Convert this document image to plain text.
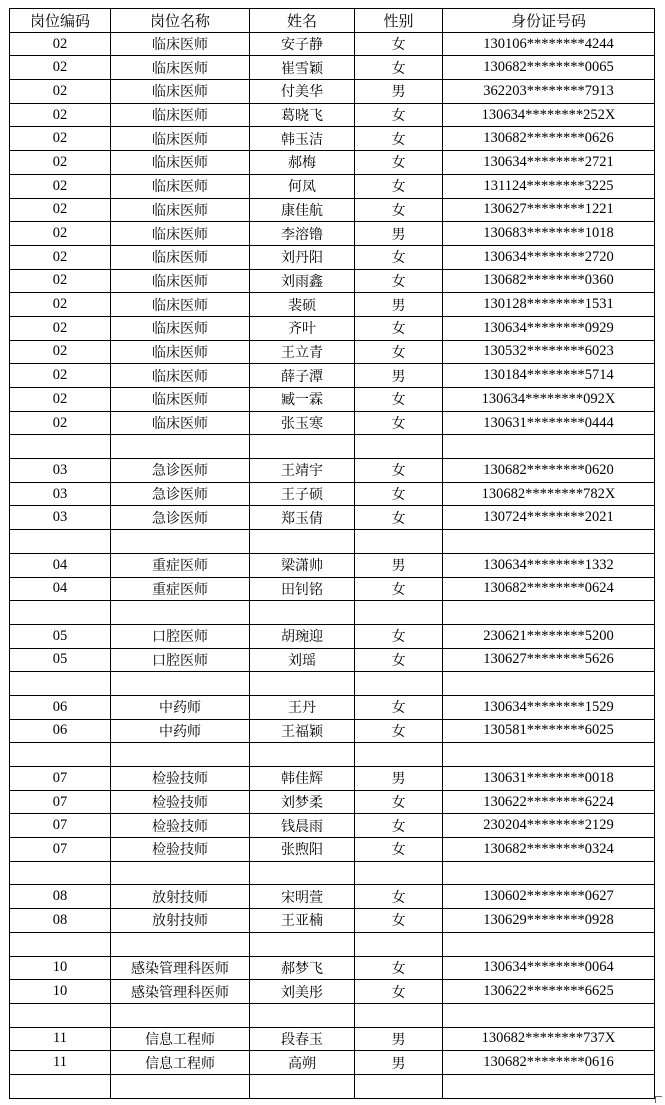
岗位编码	岗位名称	姓名	性别	身份证号码
02	临床医师	安子静	女	130106********4244
02	临床医师	崔雪颖	女	130682********0065
02	临床医师	付美华	男	362203********7913
02	临床医师	葛晓飞	女	130634********252X
02	临床医师	韩玉洁	女	130682********0626
02	临床医师	郝梅	女	130634********2721
02	临床医师	何凤	女	131124********3225
02	临床医师	康佳航	女	130627********1221
02	临床医师	李溶镥	男	130683********1018
02	临床医师	刘丹阳	女	130634********2720
02	临床医师	刘雨鑫	女	130682********0360
02	临床医师	裴硕	男	130128********1531
02	临床医师	齐叶	女	130634********0929
02	临床医师	王立青	女	130532********6023
02	临床医师	薛子潭	男	130184********5714
02	临床医师	臧一霖	女	130634********092X
02	临床医师	张玉寒	女	130631********0444

03	急诊医师	王靖宇	女	130682********0620
03	急诊医师	王子硕	女	130682********782X
03	急诊医师	郑玉倩	女	130724********2021

04	重症医师	梁潇帅	男	130634********1332
04	重症医师	田钊铭	女	130682********0624

05	口腔医师	胡琬迎	女	230621********5200
05	口腔医师	刘瑶	女	130627********5626

06	中药师	王丹	女	130634********1529
06	中药师	王福颖	女	130581********6025

07	检验技师	韩佳辉	男	130631********0018
07	检验技师	刘梦柔	女	130622********6224
07	检验技师	钱晨雨	女	230204********2129
07	检验技师	张煦阳	女	130682********0324

08	放射技师	宋明萱	女	130602********0627
08	放射技师	王亚楠	女	130629********0928

10	感染管理科医师	郝梦飞	女	130634********0064
10	感染管理科医师	刘美彤	女	130622********6625

11	信息工程师	段春玉	男	130682********737X
11	信息工程师	高朔	男	130682********0616
